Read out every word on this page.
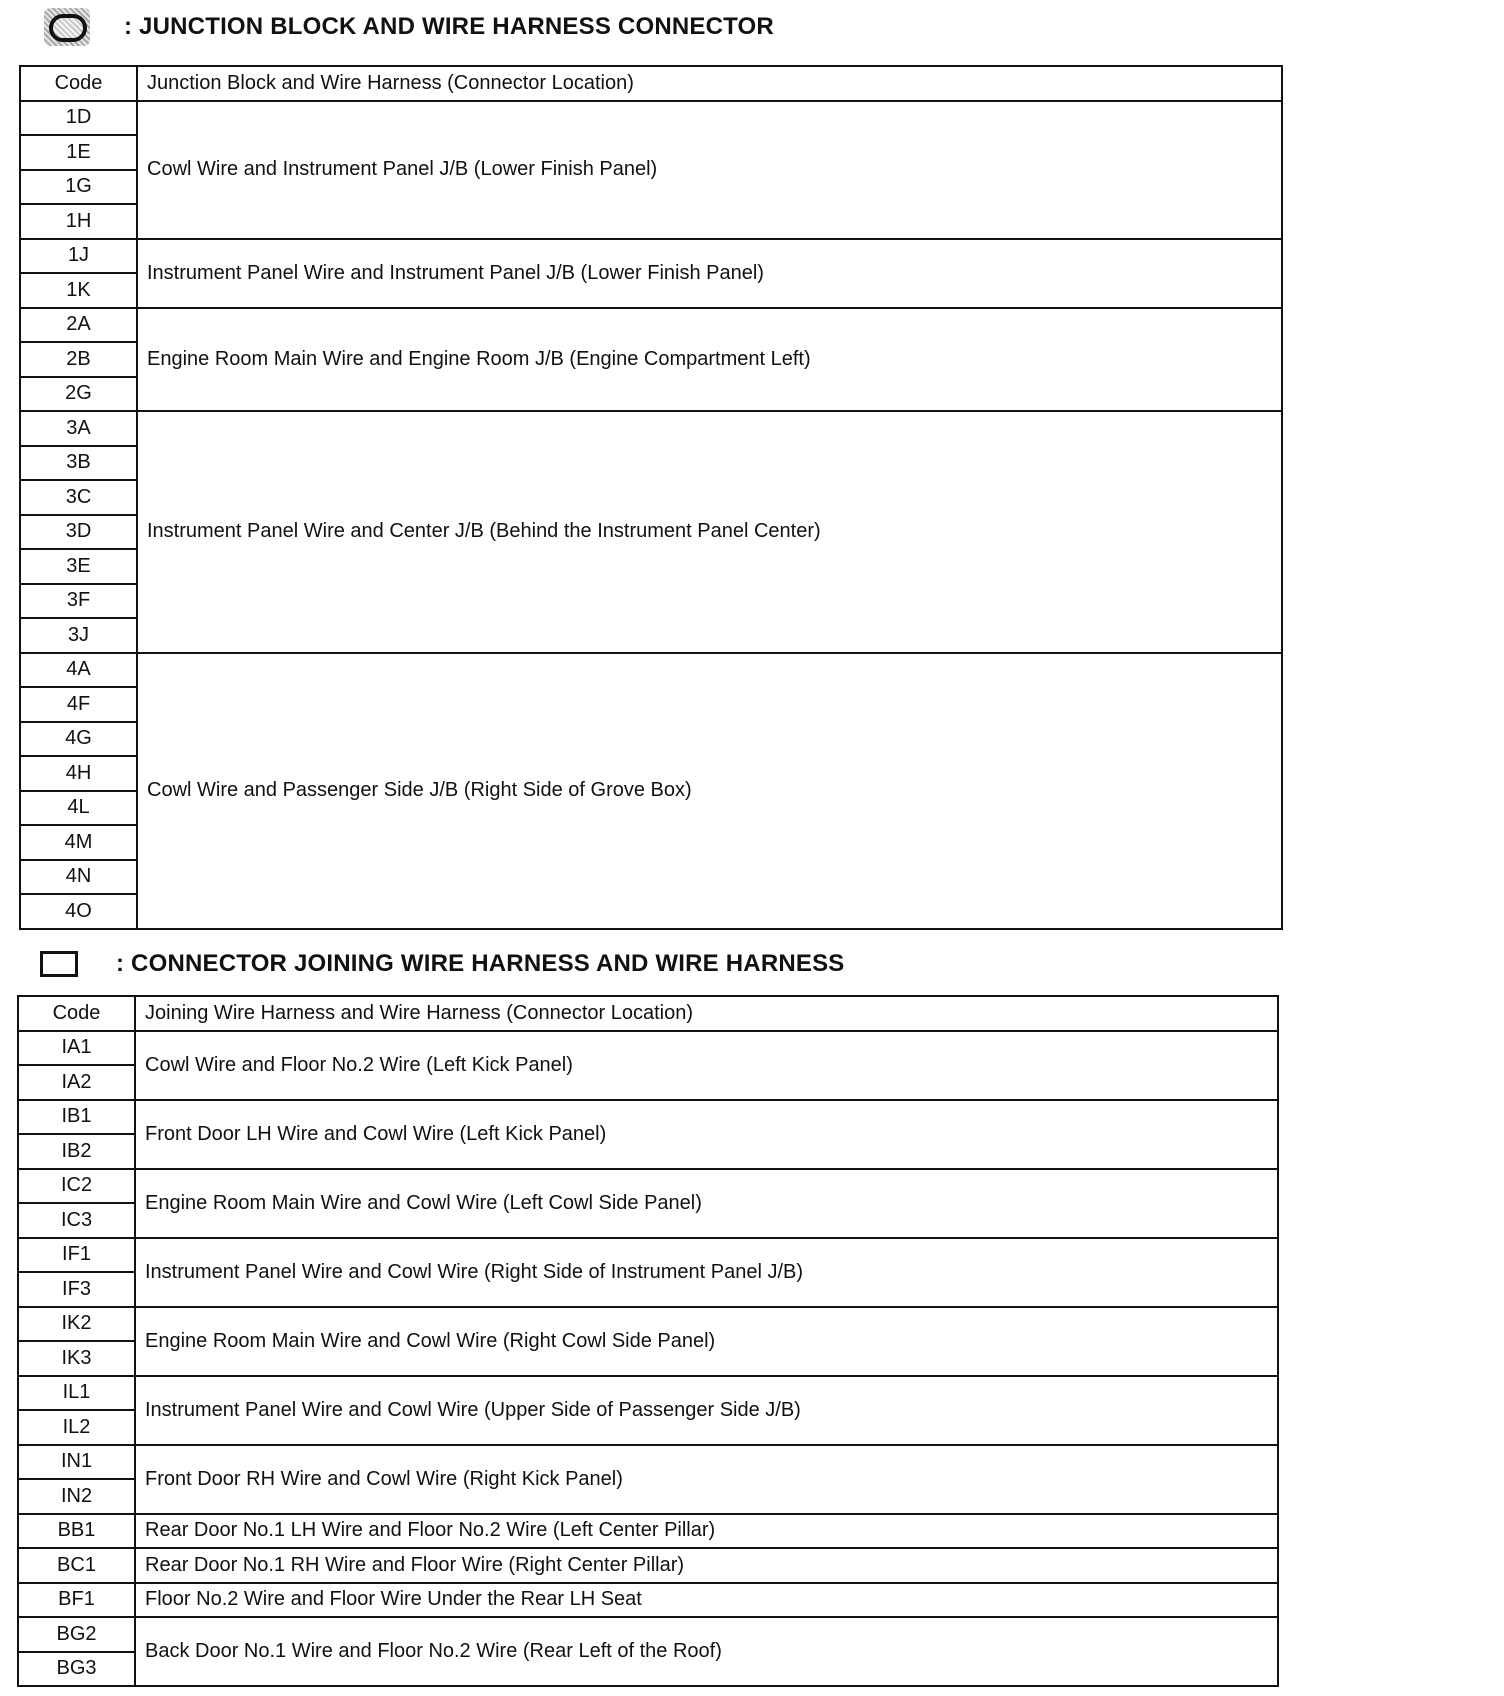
: JUNCTION BLOCK AND WIRE HARNESS CONNECTOR
Code	Junction Block and Wire Harness (Connector Location)
1D	Cowl Wire and Instrument Panel J/B (Lower Finish Panel)
1E	
1G	
1H	
1J	Instrument Panel Wire and Instrument Panel J/B (Lower Finish Panel)
1K	
2A	Engine Room Main Wire and Engine Room J/B (Engine Compartment Left)
2B	
2G	
3A	Instrument Panel Wire and Center J/B (Behind the Instrument Panel Center)
3B	
3C	
3D	
3E	
3F	
3J	
4A	Cowl Wire and Passenger Side J/B (Right Side of Grove Box)
4F	
4G	
4H	
4L	
4M	
4N	
4O	
: CONNECTOR JOINING WIRE HARNESS AND WIRE HARNESS
Code	Joining Wire Harness and Wire Harness (Connector Location)
IA1	Cowl Wire and Floor No.2 Wire (Left Kick Panel)
IA2	
IB1	Front Door LH Wire and Cowl Wire (Left Kick Panel)
IB2	
IC2	Engine Room Main Wire and Cowl Wire (Left Cowl Side Panel)
IC3	
IF1	Instrument Panel Wire and Cowl Wire (Right Side of Instrument Panel J/B)
IF3	
IK2	Engine Room Main Wire and Cowl Wire (Right Cowl Side Panel)
IK3	
IL1	Instrument Panel Wire and Cowl Wire (Upper Side of Passenger Side J/B)
IL2	
IN1	Front Door RH Wire and Cowl Wire (Right Kick Panel)
IN2	
BB1	Rear Door No.1 LH Wire and Floor No.2 Wire (Left Center Pillar)
BC1	Rear Door No.1 RH Wire and Floor Wire (Right Center Pillar)
BF1	Floor No.2 Wire and Floor Wire Under the Rear LH Seat
BG2	Back Door No.1 Wire and Floor No.2 Wire (Rear Left of the Roof)
BG3	
